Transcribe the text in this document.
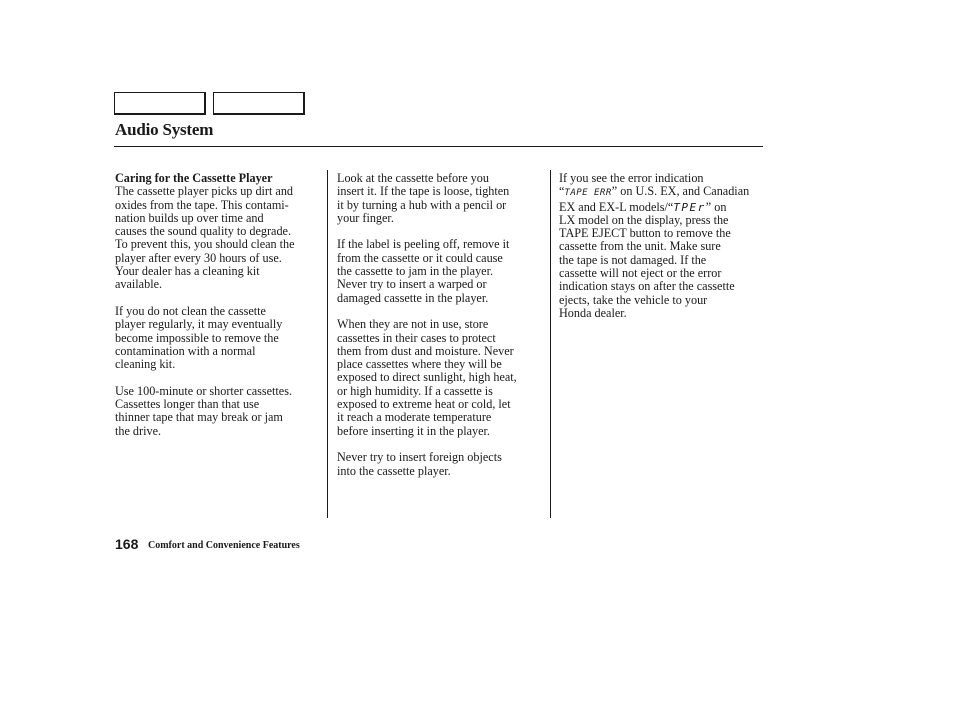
Audio System

Caring for the Cassette Player
The cassette player picks up dirt and
oxides from the tape. This contami-
nation builds up over time and
causes the sound quality to degrade.
To prevent this, you should clean the
player after every 30 hours of use.
Your dealer has a cleaning kit
available.

If you do not clean the cassette
player regularly, it may eventually
become impossible to remove the
contamination with a normal
cleaning kit.

Use 100-minute or shorter cassettes.
Cassettes longer than that use
thinner tape that may break or jam
the drive.

Look at the cassette before you
insert it. If the tape is loose, tighten
it by turning a hub with a pencil or
your finger.

If the label is peeling off, remove it
from the cassette or it could cause
the cassette to jam in the player.
Never try to insert a warped or
damaged cassette in the player.

When they are not in use, store
cassettes in their cases to protect
them from dust and moisture. Never
place cassettes where they will be
exposed to direct sunlight, high heat,
or high humidity. If a cassette is
exposed to extreme heat or cold, let
it reach a moderate temperature
before inserting it in the player.

Never try to insert foreign objects
into the cassette player.

If you see the error indication
“TAPE ERR” on U.S. EX, and Canadian
EX and EX-L models/“TPEr” on
LX model on the display, press the
TAPE EJECT button to remove the
cassette from the unit. Make sure
the tape is not damaged. If the
cassette will not eject or the error
indication stays on after the cassette
ejects, take the vehicle to your
Honda dealer.

168 Comfort and Convenience Features
